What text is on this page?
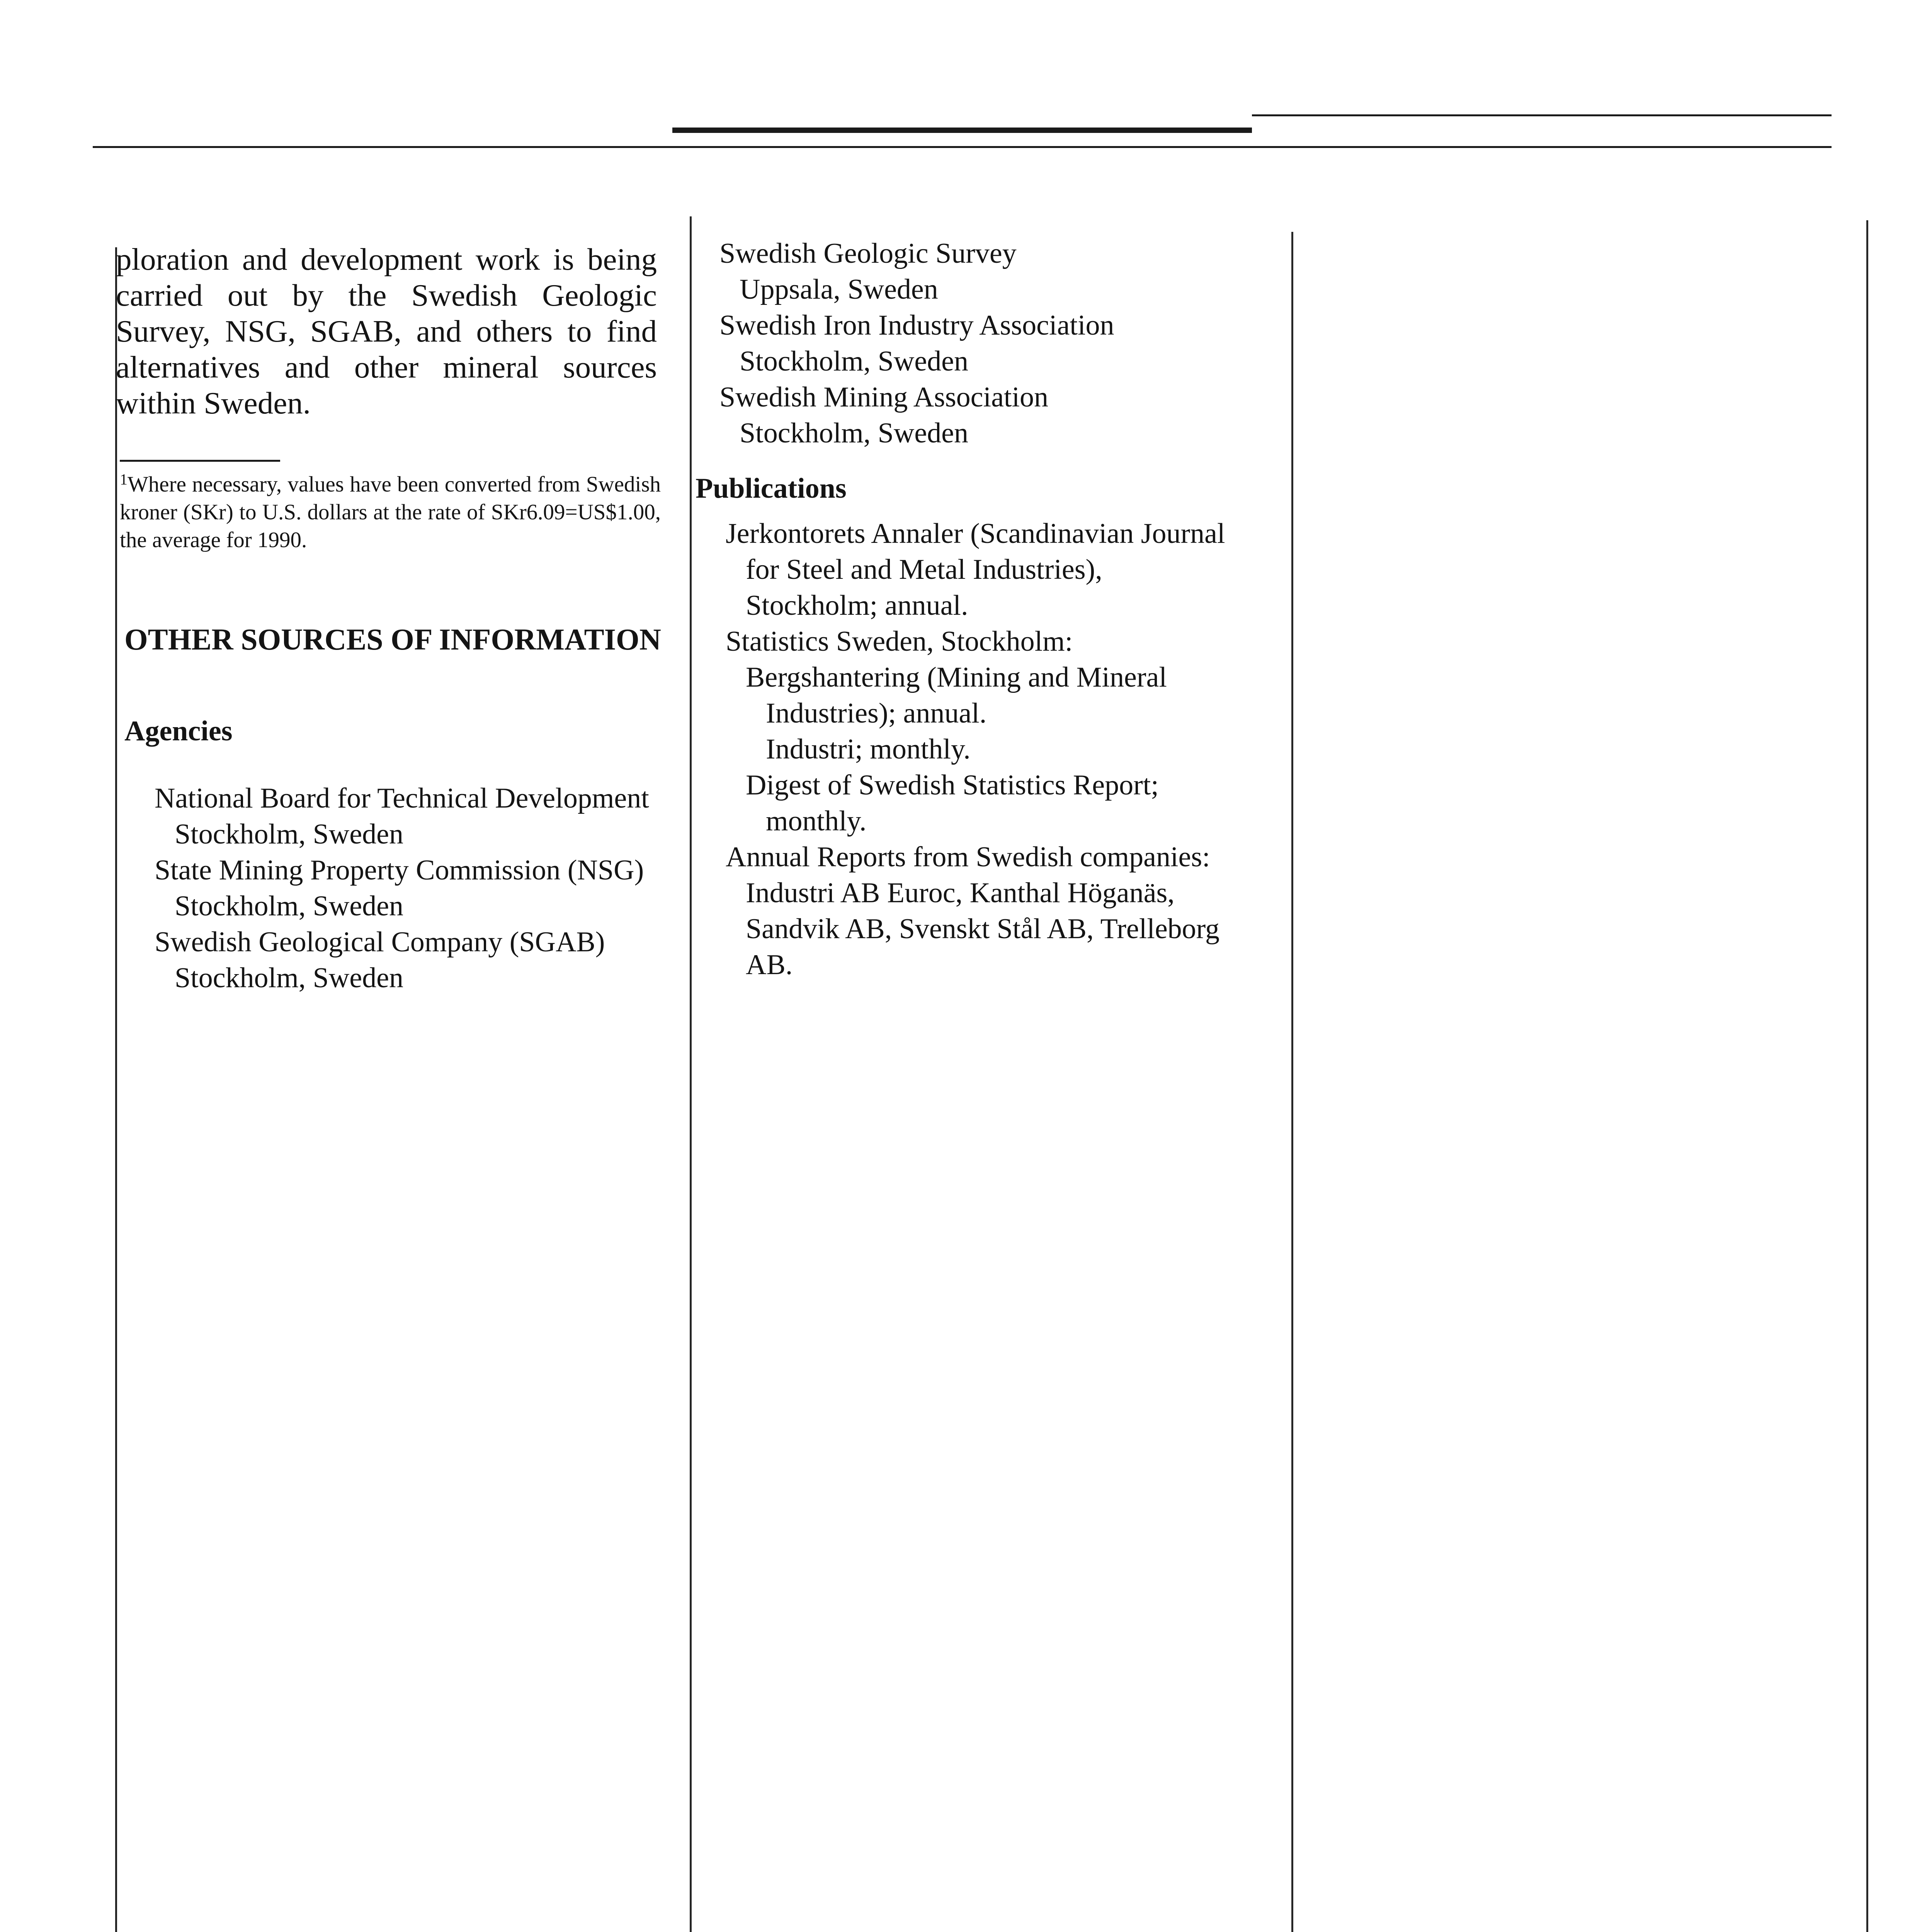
ploration and development work is being carried out by the Swedish Geologic Survey, NSG, SGAB, and others to find alternatives and other mineral sources within Sweden.
$^1$Where necessary, values have been converted from Swedish kroner (SKr) to U.S. dollars at the rate of SKr6.09=US$1.00, the average for 1990.
OTHER SOURCES OF INFORMATION
Agencies
National Board for Technical Development
Stockholm, Sweden
State Mining Property Commission (NSG)
Stockholm, Sweden
Swedish Geological Company (SGAB)
Stockholm, Sweden
Swedish Geologic Survey
Uppsala, Sweden
Swedish Iron Industry Association
Stockholm, Sweden
Swedish Mining Association
Stockholm, Sweden
Publications
Jerkontorets Annaler (Scandinavian Journal
for Steel and Metal Industries),
Stockholm; annual.
Statistics Sweden, Stockholm:
Bergshantering (Mining and Mineral
Industries); annual.
Industri; monthly.
Digest of Swedish Statistics Report;
monthly.
Annual Reports from Swedish companies:
Industri AB Euroc, Kanthal Höganäs,
Sandvik AB, Svenskt Stål AB, Trelleborg
AB.
